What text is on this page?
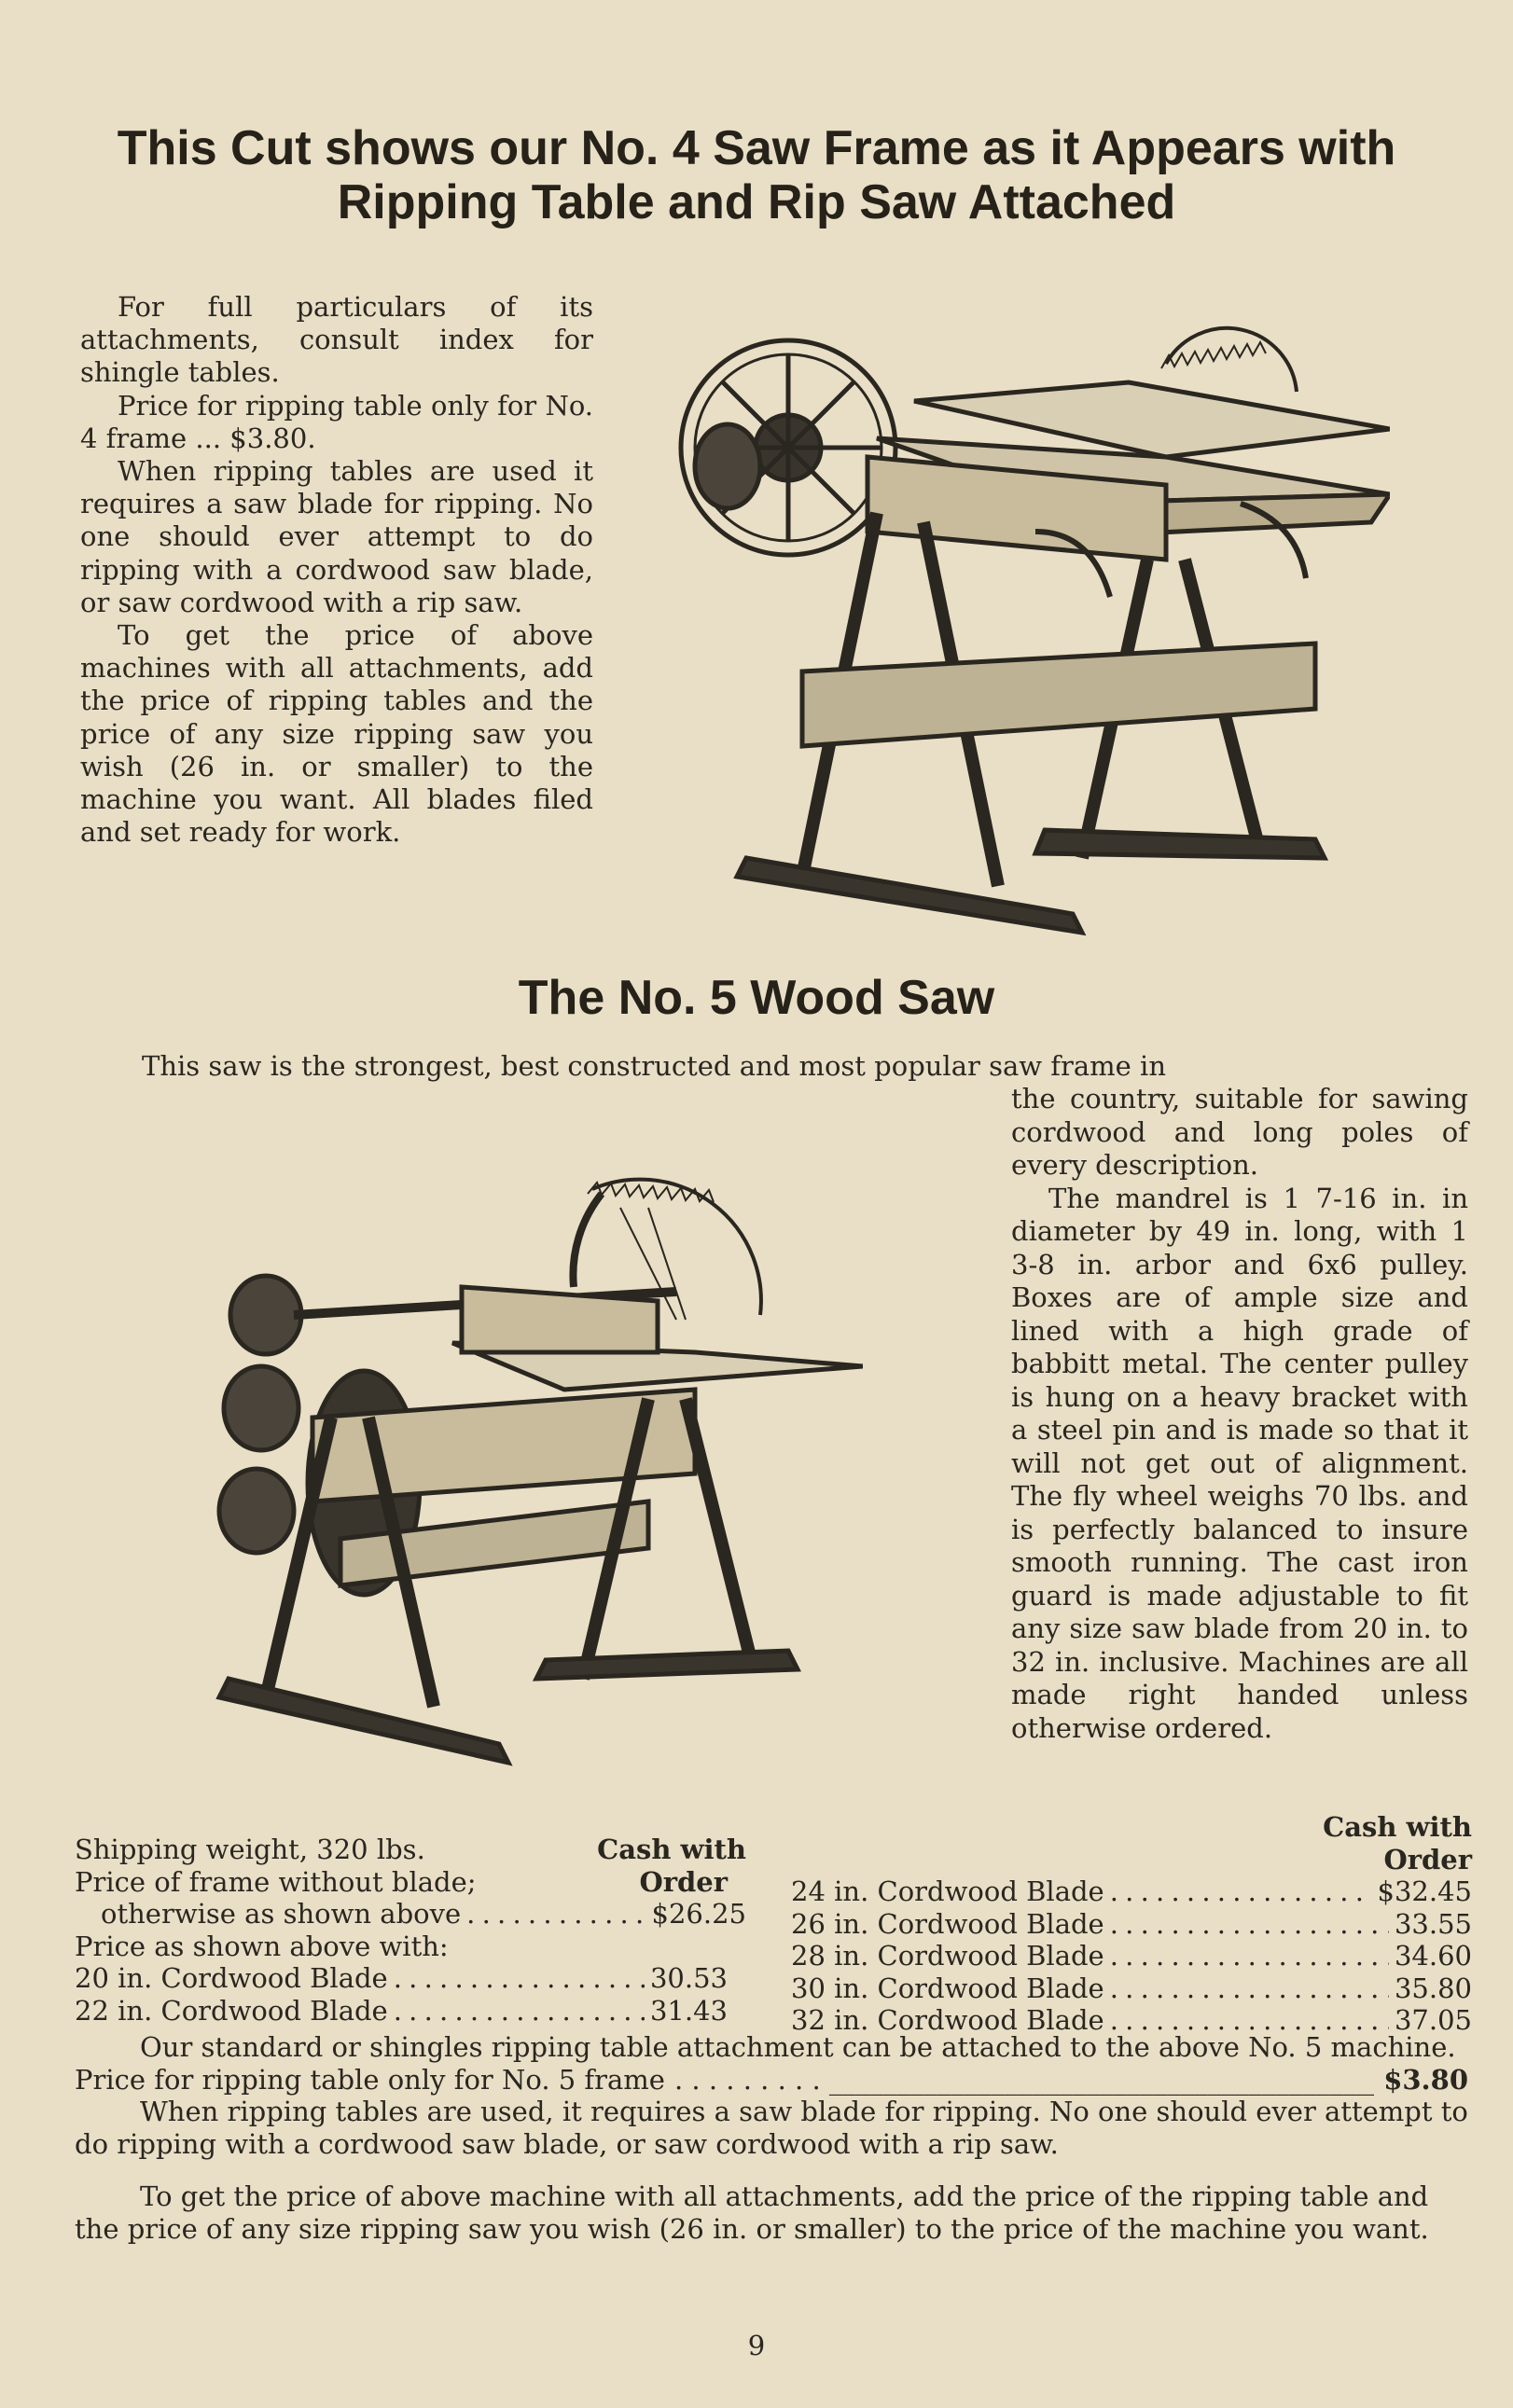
This Cut shows our No. 4 Saw Frame as it Appears with
Ripping Table and Rip Saw Attached

For full particulars of its attachments, consult index for shingle tables.

Price for ripping table only for No. 4 frame ... $3.80.

When ripping tables are used it requires a saw blade for ripping. No one should ever attempt to do ripping with a cordwood saw blade, or saw cordwood with a rip saw.

To get the price of above machines with all attachments, add the price of ripping tables and the price of any size ripping saw you wish (26 in. or smaller) to the machine you want. All blades filed and set ready for work.

The No. 5 Wood Saw

This saw is the strongest, best constructed and most popular saw frame in

the country, suitable for sawing cordwood and long poles of every description.

The mandrel is 1 7-16 in. in diameter by 49 in. long, with 1 3-8 in. arbor and 6x6 pulley. Boxes are of ample size and lined with a high grade of babbitt metal. The center pulley is hung on a heavy bracket with a steel pin and is made so that it will not get out of alignment. The fly wheel weighs 70 lbs. and is perfectly balanced to insure smooth running. The cast iron guard is made adjustable to fit any size saw blade from 20 in. to 32 in. inclusive. Machines are all made right handed unless otherwise ordered.

Shipping weight, 320 lbs.	Cash with
Price of frame without blade;	Order
otherwise as shown above . . .	$26.25
Price as shown above with:
20 in. Cordwood Blade . . .	30.53
22 in. Cordwood Blade . . .	31.43
Cash with
Order
24 in. Cordwood Blade . . .	$32.45
26 in. Cordwood Blade . . .	33.55
28 in. Cordwood Blade . . .	34.60
30 in. Cordwood Blade . . .	35.80
32 in. Cordwood Blade . . .	37.05

Our standard or shingles ripping table attachment can be attached to the above No. 5 machine.

Price for ripping table only for No. 5 frame . . .	$3.80

When ripping tables are used, it requires a saw blade for ripping. No one should ever attempt to do ripping with a cordwood saw blade, or saw cordwood with a rip saw.

To get the price of above machine with all attachments, add the price of the ripping table and the price of any size ripping saw you wish (26 in. or smaller) to the price of the machine you want.

9
